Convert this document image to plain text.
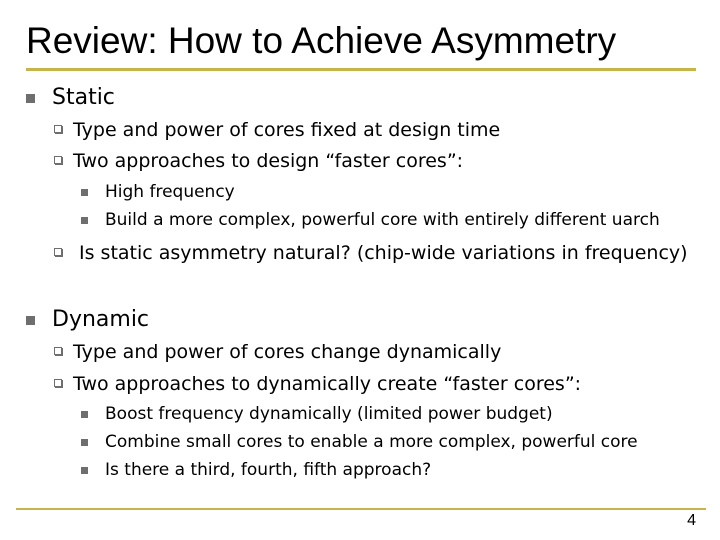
Review: How to Achieve Asymmetry
Static
Type and power of cores fixed at design time
Two approaches to design “faster cores”:
High frequency
Build a more complex, powerful core with entirely different uarch
Is static asymmetry natural? (chip-wide variations in frequency)
Dynamic
Type and power of cores change dynamically
Two approaches to dynamically create “faster cores”:
Boost frequency dynamically (limited power budget)
Combine small cores to enable a more complex, powerful core
Is there a third, fourth, fifth approach?
4
